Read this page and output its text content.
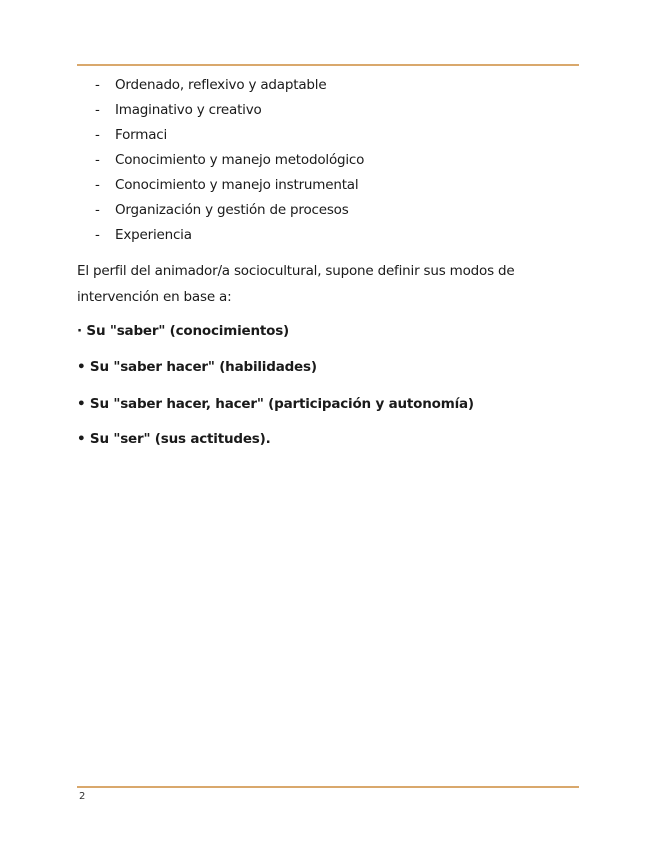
-	Ordenado, reflexivo y adaptable
-	Imaginativo y creativo
-	Formaci
-	Conocimiento y manejo metodológico
-	Conocimiento y manejo instrumental
-	Organización y gestión de procesos
-	Experiencia

El perfil del animador/a sociocultural, supone definir sus modos de intervención en base a:

· Su "saber" (conocimientos)

• Su "saber hacer" (habilidades)

• Su "saber hacer, hacer" (participación y autonomía)

• Su "ser" (sus actitudes).

2
